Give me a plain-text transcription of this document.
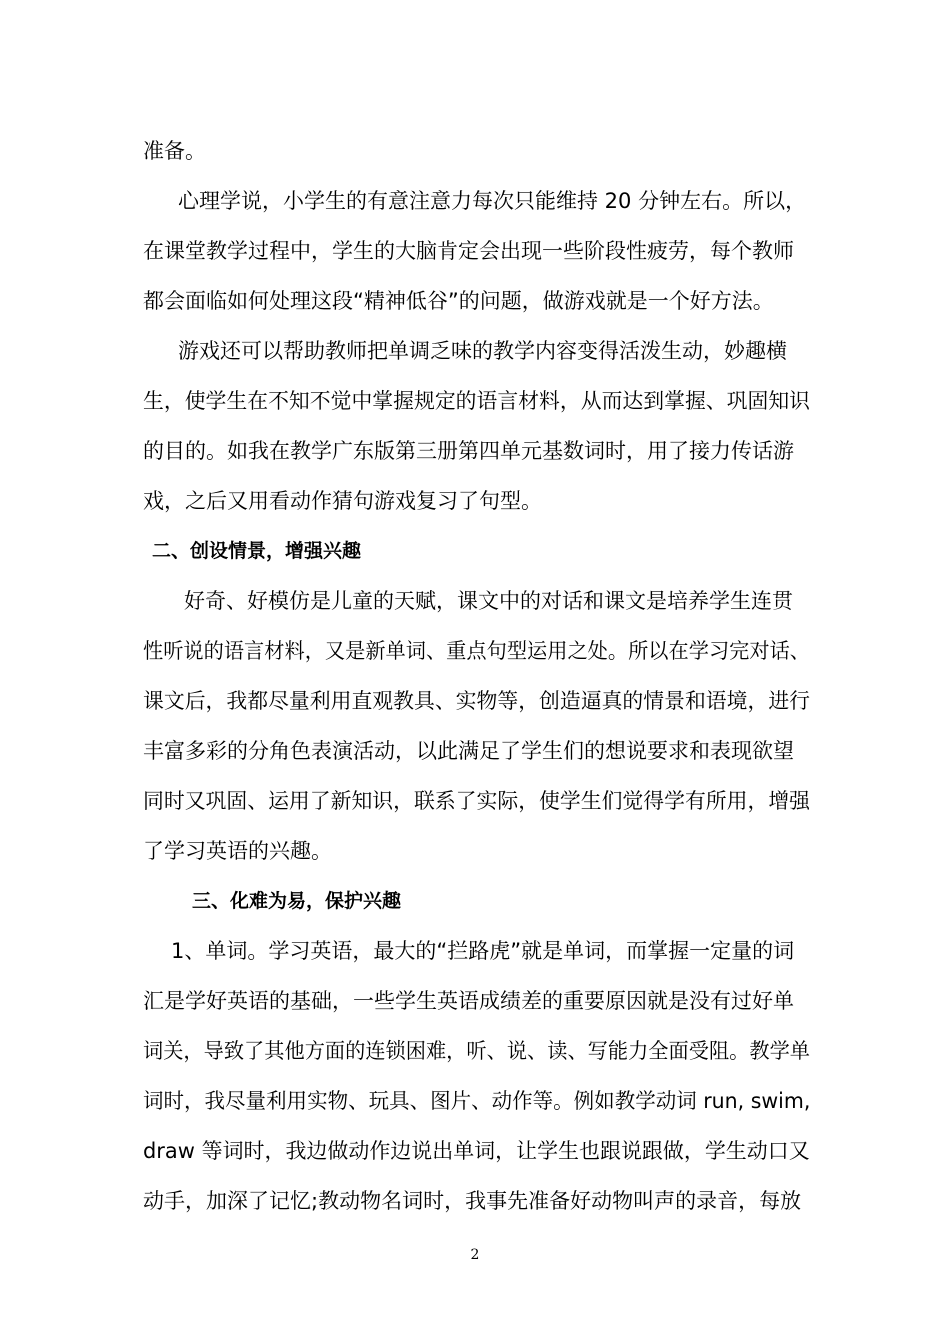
准备。
心理学说，小学生的有意注意力每次只能维持 20 分钟左右。所以，
在课堂教学过程中，学生的大脑肯定会出现一些阶段性疲劳，每个教师
都会面临如何处理这段“精神低谷”的问题，做游戏就是一个好方法。
游戏还可以帮助教师把单调乏味的教学内容变得活泼生动，妙趣横
生，使学生在不知不觉中掌握规定的语言材料，从而达到掌握、巩固知识
的目的。如我在教学广东版第三册第四单元基数词时，用了接力传话游
戏，之后又用看动作猜句游戏复习了句型。
二、创设情景，增强兴趣
好奇、好模仿是儿童的天赋，课文中的对话和课文是培养学生连贯
性听说的语言材料，又是新单词、重点句型运用之处。所以在学习完对话、
课文后，我都尽量利用直观教具、实物等，创造逼真的情景和语境，进行
丰富多彩的分角色表演活动，以此满足了学生们的想说要求和表现欲望
同时又巩固、运用了新知识，联系了实际，使学生们觉得学有所用，增强
了学习英语的兴趣。
三、化难为易，保护兴趣
1、单词。学习英语，最大的“拦路虎”就是单词，而掌握一定量的词
汇是学好英语的基础，一些学生英语成绩差的重要原因就是没有过好单
词关，导致了其他方面的连锁困难，听、说、读、写能力全面受阻。教学单
词时，我尽量利用实物、玩具、图片、动作等。例如教学动词 run, swim,
draw 等词时，我边做动作边说出单词，让学生也跟说跟做，学生动口又
动手，加深了记忆;教动物名词时，我事先准备好动物叫声的录音，每放
2
